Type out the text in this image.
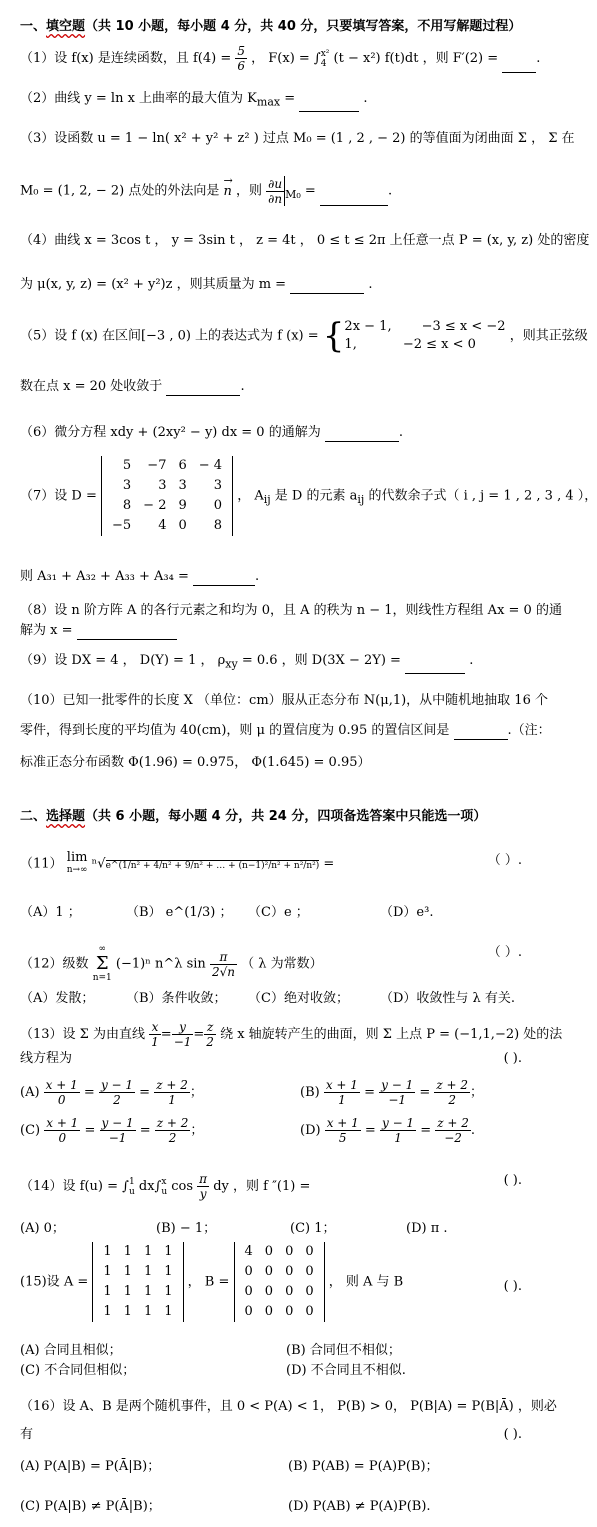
一、填空题（共 10 小题，每小题 4 分，共 40 分，只要填写答案，不用写解题过程）
（1）设 f(x) 是连续函数，且 $f(4) = \frac{5}{6}$ ， F(x) = ∫ x²
4 (t − x²) f(t)dt ，则 F′(2) =	.
（2）曲线 y = ln x 上曲率的最大值为 $K_{max}$ =	.
（3）设函数 u = 1 − ln( x² + y² + z² ) 过点 M₀ = (1 , 2 , − 2) 的等值面为闭曲面 Σ ， Σ 在
M₀ = (1, 2, − 2) 点处的外法向是
→
n ，则 $\frac{\partial u}{\partial n} _{M_0}$ =	.
（4）曲线 x = 3cos t ， y = 3sin t ， z = 4t ， 0 ≤ t ≤ 2π 上任意一点 P = (x, y, z) 处的密度
为 μ(x, y, z) = (x² + y²)z ，则其质量为 m =	.
（5）设 f (x) 在区间[−3 , 0) 上的表达式为 f (x) = { 2x − 1, −3 ≤ x < −2
1,	−2 ≤ x < 0
，则其正弦级
数在点 x = 20 处收敛于	.
（6）微分方程 xdy + (2xy² − y) dx = 0 的通解为	.
（7）设 D =
5	−7	6	− 4
3	3	3	3
8	− 2	9	0
−5	4	0	8
， $A_{ij}$ 是 D 的元素 $a_{ij}$ 的代数余子式（ i , j = 1 , 2 , 3 , 4 ），
则 A₃₁ + A₃₂ + A₃₃ + A₃₄ =	.
（8）设 n 阶方阵 A 的各行元素之和均为 0，且 A 的秩为 n − 1，则线性方程组 Ax = 0 的通
解为 x =
（9）设 DX = 4 ， D(Y) = 1 ， $\rho_{xy} = 0.6$ ，则 D(3X − 2Y) =	.
（10）已知一批零件的长度 X （单位：cm）服从正态分布 N(μ,1)，从中随机地抽取 16 个
零件，得到长度的平均值为 40(cm)，则 μ 的置信度为 0.95 的置信区间是	.（注：
标准正态分布函数 Φ(1.96) = 0.975， Φ(1.645) = 0.95）
二、选择题（共 6 小题，每小题 4 分，共 24 分，四项备选答案中只能选一项）
（11） lim
n→∞ ⁿ√e^(1/n² + 4/n² + 9/n² + … + (n−1)²/n² + n²/n²) =	（ ）.
（A）1 ；	（B） e^(1/3) ； （C）e ；	（D）e³.
（12）级数
∞
Σ
n=1
(−1)ⁿ n^λ $\sin \frac{\pi}{2√n}$ （ λ 为常数）
（ ）.
（A）发散； （B）条件收敛； （C）绝对收敛； （D）收敛性与 λ 有关.
（13）设 Σ 为由直线 $\frac{x}{1} = \frac{y}{-1} = \frac{z}{2}$ 绕 x 轴旋转产生的曲面，则 Σ 上点 P = (−1,1,−2) 处的法
线方程为	( ).
$(A) \frac{x + 1}{0} = \frac{y - 1}{2} = \frac{z + 2}{1}$ ；	$(B) \frac{x + 1}{1} = \frac{y - 1}{-1} = \frac{z + 2}{2}$ ；
$(C) \frac{x + 1}{0} = \frac{y - 1}{-1} = \frac{z + 2}{2}$ ；	$(D) \frac{x + 1}{5} = \frac{y - 1}{1} = \frac{z + 2}{-2}$ .
（14）设 f(u) = ∫ 1
u dx∫ x
u $\cos \frac{\pi}{y}$ dy ，则 f ″(1) =	( ).
(A) 0；	(B) − 1；	(C) 1；	(D) π .
(15)设 A =
1	1	1	1
1	1	1	1
1	1	1	1
1	1	1	1
， B =
4	0	0	0
0	0	0	0
0	0	0	0
0	0	0	0
， 则 A 与 B	( ).
(A) 合同且相似；	(B) 合同但不相似；
(C) 不合同但相似；	(D) 不合同且不相似.
（16）设 A、B 是两个随机事件，且 0 < P(A) < 1， P(B) > 0， P(B|A) = P(B|Ā) ，则必
有	( ).
(A) P(A|B) = P(Ā|B)；	(B) P(AB) = P(A)P(B)；
(C) P(A|B) ≠ P(Ā|B)；	(D) P(AB) ≠ P(A)P(B).
